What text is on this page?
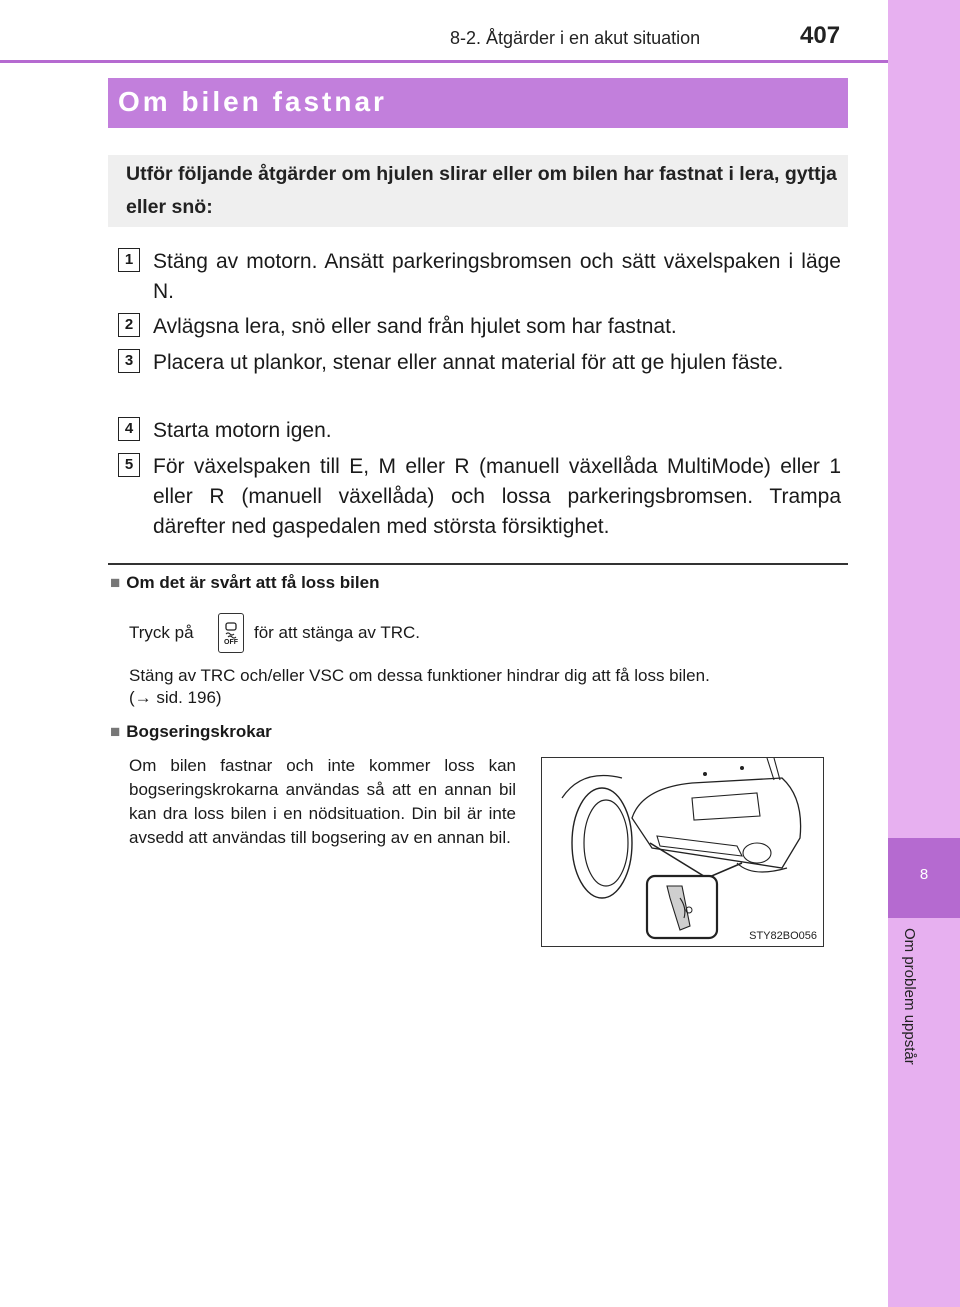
8
Om problem uppstår
8-2. Åtgärder i en akut situation	407
Om bilen fastnar
Utför följande åtgärder om hjulen slirar eller om bilen har fastnat i lera, gyttja eller snö:
1 Stäng av motorn. Ansätt parkeringsbromsen och sätt växelspaken i läge N.
2 Avlägsna lera, snö eller sand från hjulet som har fastnat.
3 Placera ut plankor, stenar eller annat material för att ge hjulen fäste.
4 Starta motorn igen.
5 För växelspaken till E, M eller R (manuell växellåda MultiMode) eller 1 eller R (manuell växellåda) och lossa parkeringsbromsen. Trampa därefter ned gaspedalen med största försiktighet.
■ Om det är svårt att få loss bilen
Tryck på
OFF
för att stänga av TRC.
Stäng av TRC och/eller VSC om dessa funktioner hindrar dig att få loss bilen.
(→ sid. 196)
■ Bogseringskrokar
Om bilen fastnar och inte kommer loss kan bogseringskrokarna användas så att en annan bil kan dra loss bilen i en nödsituation. Din bil är inte avsedd att användas till bogsering av en annan bil.
STY82BO056
